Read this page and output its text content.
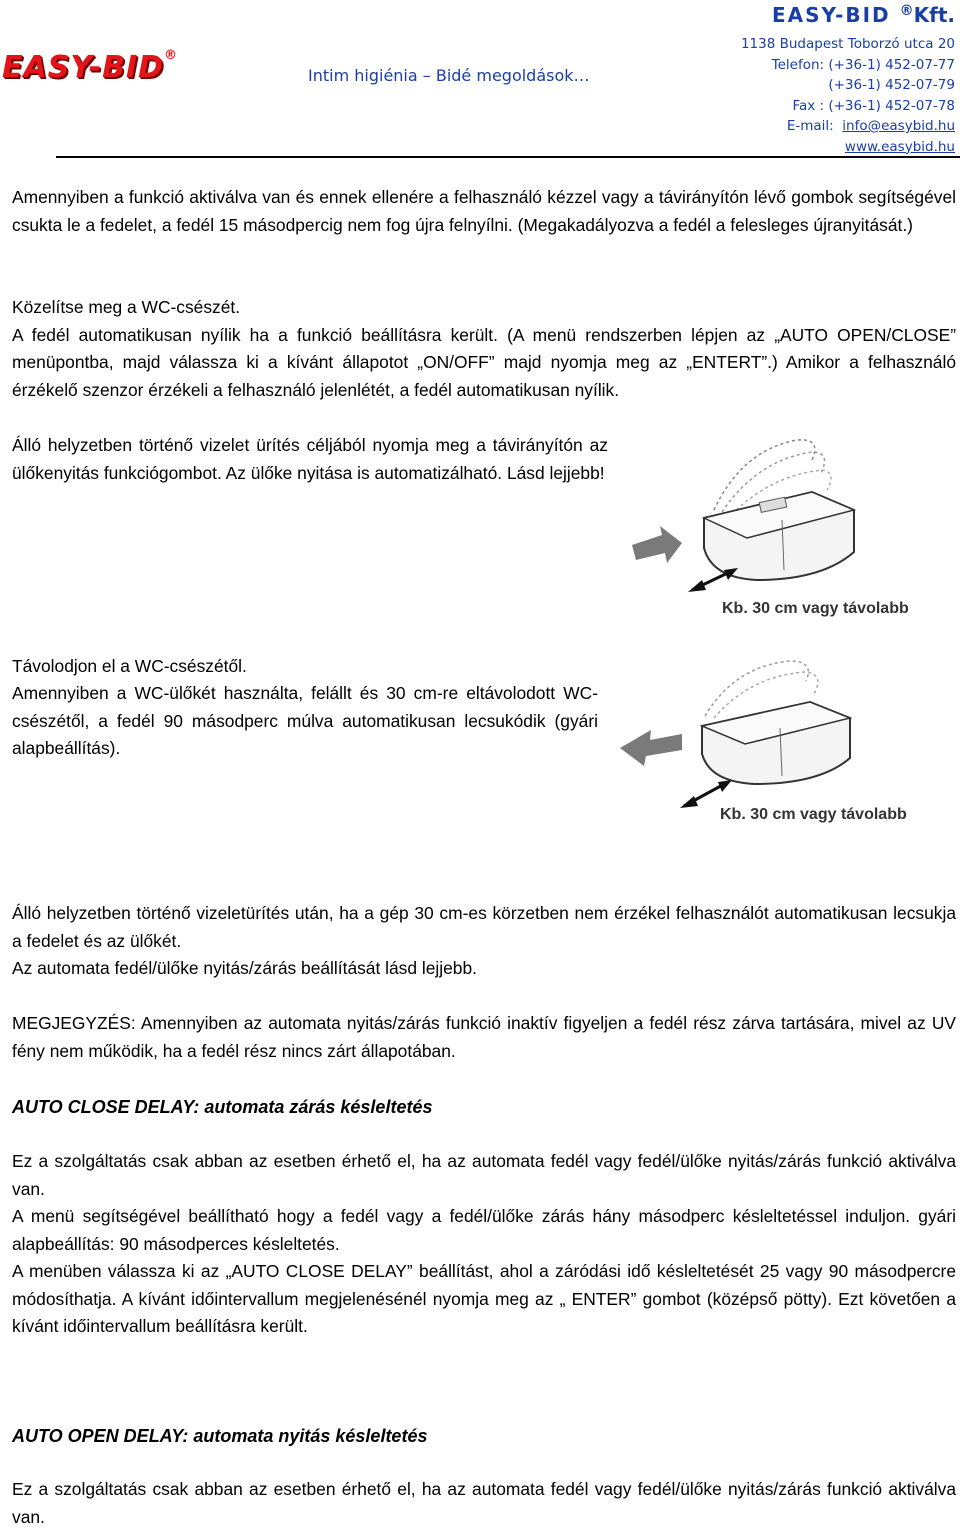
EASY-BID®
Intim higiénia – Bidé megoldások…
EASY-BID ®Kft.
1138 Budapest Toborzó utca 20
Telefon: (+36-1) 452-07-77
(+36-1) 452-07-79
Fax : (+36-1) 452-07-78
E-mail: info@easybid.hu
www.easybid.hu
Amennyiben a funkció aktiválva van és ennek ellenére a felhasználó kézzel vagy a távirányítón lévő gombok segítségével csukta le a fedelet, a fedél 15 másodpercig nem fog újra felnyílni. (Megakadályozva a fedél a felesleges újranyitását.)
Közelítse meg a WC-csészét.
A fedél automatikusan nyílik ha a funkció beállításra került. (A menü rendszerben lépjen az „AUTO OPEN/CLOSE” menüpontba, majd válassza ki a kívánt állapotot „ON/OFF” majd nyomja meg az „ENTERT”.) Amikor a felhasználó érzékelő szenzor érzékeli a felhasználó jelenlétét, a fedél automatikusan nyílik.
Álló helyzetben történő vizelet ürítés céljából nyomja meg a távirányítón az ülőkenyitás funkciógombot. Az ülőke nyitása is automatizálható. Lásd lejjebb!
Kb. 30 cm vagy távolabb
Távolodjon el a WC-csészétől.
Amennyiben a WC-ülőkét használta, felállt és 30 cm-re eltávolodott WC-csészétől, a fedél 90 másodperc múlva automatikusan lecsukódik (gyári alapbeállítás).
Kb. 30 cm vagy távolabb
Álló helyzetben történő vizeletürítés után, ha a gép 30 cm-es körzetben nem érzékel felhasználót automatikusan lecsukja a fedelet és az ülőkét.
Az automata fedél/ülőke nyitás/zárás beállítását lásd lejjebb.
MEGJEGYZÉS: Amennyiben az automata nyitás/zárás funkció inaktív figyeljen a fedél rész zárva tartására, mivel az UV fény nem működik, ha a fedél rész nincs zárt állapotában.
AUTO CLOSE DELAY: automata zárás késleltetés
Ez a szolgáltatás csak abban az esetben érhető el, ha az automata fedél vagy fedél/ülőke nyitás/zárás funkció aktiválva van.
A menü segítségével beállítható hogy a fedél vagy a fedél/ülőke zárás hány másodperc késleltetéssel induljon. gyári alapbeállítás: 90 másodperces késleltetés.
A menüben válassza ki az „AUTO CLOSE DELAY” beállítást, ahol a záródási idő késleltetését 25 vagy 90 másodpercre módosíthatja. A kívánt időintervallum megjelenésénél nyomja meg az „ ENTER” gombot (középső pötty). Ezt követően a kívánt időintervallum beállításra került.
AUTO OPEN DELAY: automata nyitás késleltetés
Ez a szolgáltatás csak abban az esetben érhető el, ha az automata fedél vagy fedél/ülőke nyitás/zárás funkció aktiválva van.
